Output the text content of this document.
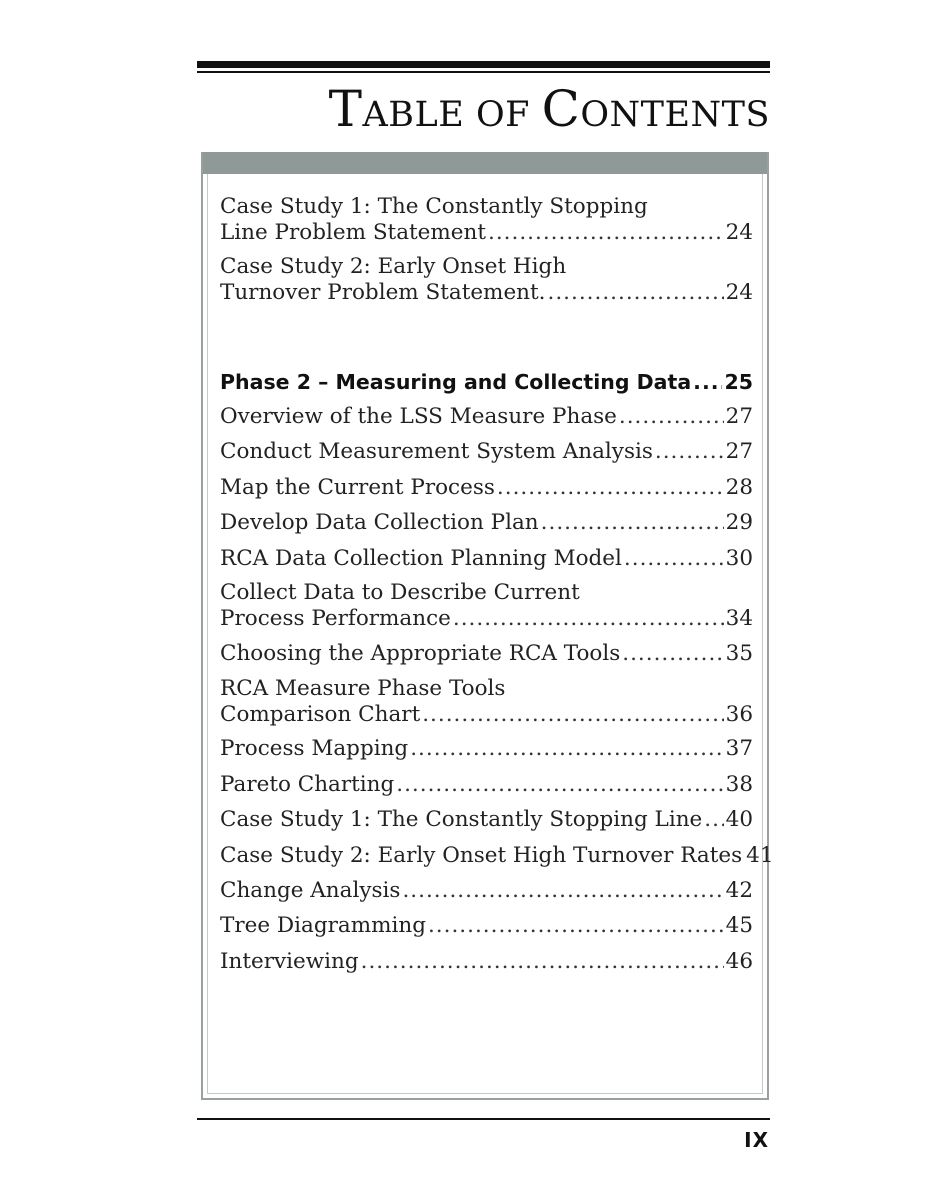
TABLE OF CONTENTS
Case Study 1: The Constantly Stopping
Line Problem Statement .....	24
Case Study 2: Early Onset High
Turnover Problem Statement. .....	24
Phase 2 – Measuring and Collecting Data ..... 25
Overview of the LSS Measure Phase .....	27
Conduct Measurement System Analysis .....	27
Map the Current Process .....	28
Develop Data Collection Plan .....	29
RCA Data Collection Planning Model .....	30
Collect Data to Describe Current
Process Performance .....	34
Choosing the Appropriate RCA Tools .....	35
RCA Measure Phase Tools
Comparison Chart .....	36
Process Mapping .....	37
Pareto Charting .....	38
Case Study 1: The Constantly Stopping Line ..... 40
Case Study 2: Early Onset High Turnover Rates 41
Change Analysis .....	42
Tree Diagramming .....	45
Interviewing .....	46
IX
